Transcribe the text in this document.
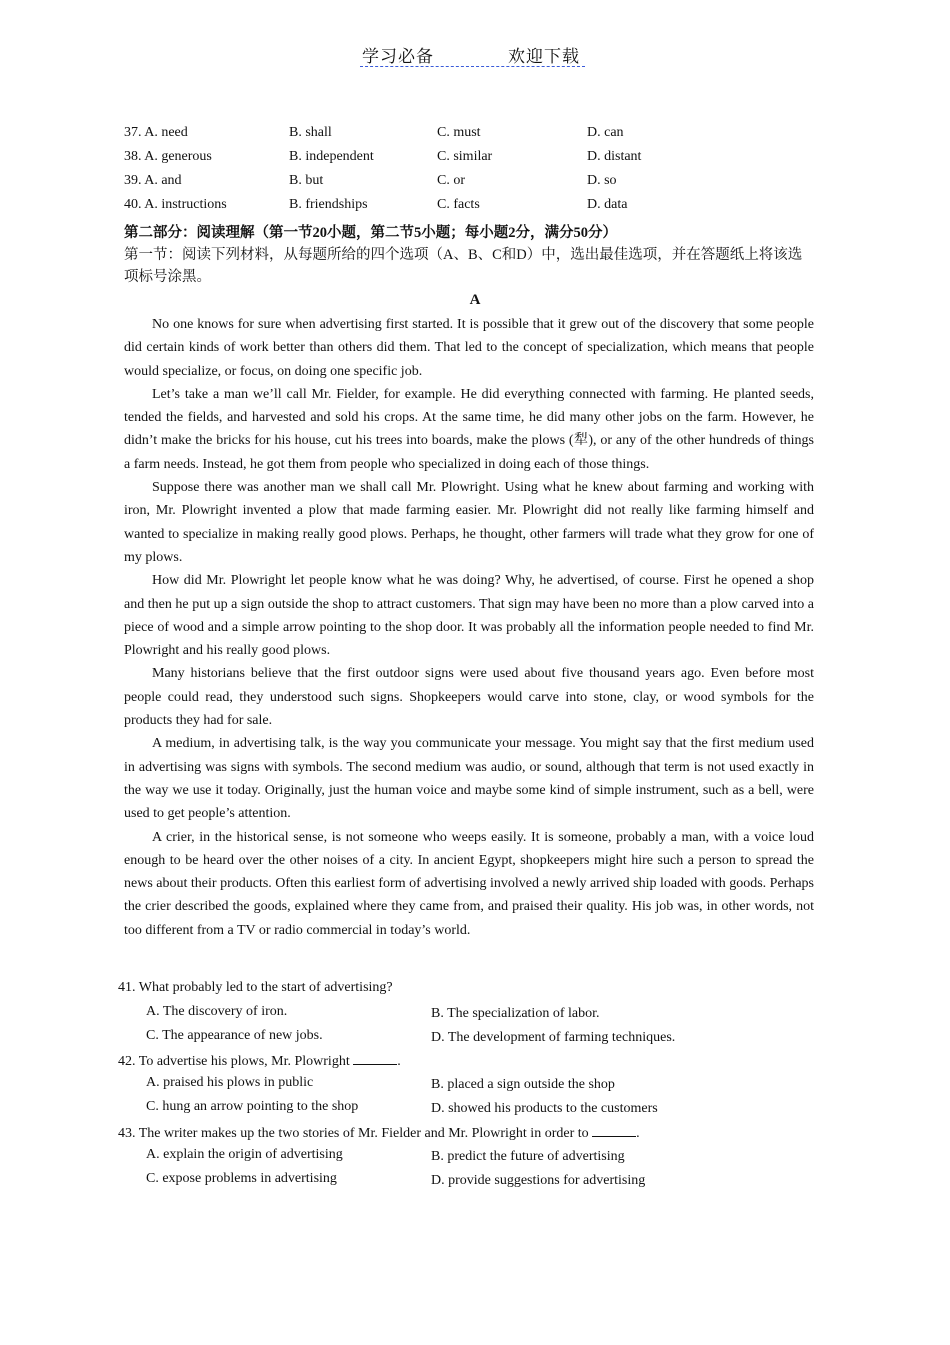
学习必备	欢迎下载
37. A. need	B. shall	C. must	D. can
38. A. generous	B. independent	C. similar	D. distant
39. A. and	B. but	C. or	D. so
40. A. instructions	B. friendships	C. facts	D. data
第二部分：阅读理解（第一节20小题，第二节5小题；每小题2分，满分50分）
第一节：阅读下列材料，从每题所给的四个选项（A、B、C和D）中，选出最佳选项，并在答题纸上将该选项标号涂黑。
A

No one knows for sure when advertising first started. It is possible that it grew out of the discovery that some people did certain kinds of work better than others did them. That led to the concept of specialization, which means that people would specialize, or focus, on doing one specific job.

Let’s take a man we’ll call Mr. Fielder, for example. He did everything connected with farming. He planted seeds, tended the fields, and harvested and sold his crops. At the same time, he did many other jobs on the farm. However, he didn’t make the bricks for his house, cut his trees into boards, make the plows (犁), or any of the other hundreds of things a farm needs. Instead, he got them from people who specialized in doing each of those things.

Suppose there was another man we shall call Mr. Plowright. Using what he knew about farming and working with iron, Mr. Plowright invented a plow that made farming easier. Mr. Plowright did not really like farming himself and wanted to specialize in making really good plows. Perhaps, he thought, other farmers will trade what they grow for one of my plows.

How did Mr. Plowright let people know what he was doing? Why, he advertised, of course. First he opened a shop and then he put up a sign outside the shop to attract customers. That sign may have been no more than a plow carved into a piece of wood and a simple arrow pointing to the shop door. It was probably all the information people needed to find Mr. Plowright and his really good plows.

Many historians believe that the first outdoor signs were used about five thousand years ago. Even before most people could read, they understood such signs. Shopkeepers would carve into stone, clay, or wood symbols for the products they had for sale.

A medium, in advertising talk, is the way you communicate your message. You might say that the first medium used in advertising was signs with symbols. The second medium was audio, or sound, although that term is not used exactly in the way we use it today. Originally, just the human voice and maybe some kind of simple instrument, such as a bell, were used to get people’s attention.

A crier, in the historical sense, is not someone who weeps easily. It is someone, probably a man, with a voice loud enough to be heard over the other noises of a city. In ancient Egypt, shopkeepers might hire such a person to spread the news about their products. Often this earliest form of advertising involved a newly arrived ship loaded with goods. Perhaps the crier described the goods, explained where they came from, and praised their quality. His job was, in other words, not too different from a TV or radio commercial in today’s world.

41. What probably led to the start of advertising?
A. The discovery of iron.	B. The specialization of labor.
C. The appearance of new jobs.	D. The development of farming techniques.
42. To advertise his plows, Mr. Plowright	.
A. praised his plows in public	B. placed a sign outside the shop
C. hung an arrow pointing to the shop	D. showed his products to the customers
43. The writer makes up the two stories of Mr. Fielder and Mr. Plowright in order to	.
A. explain the origin of advertising	B. predict the future of advertising
C. expose problems in advertising	D. provide suggestions for advertising
